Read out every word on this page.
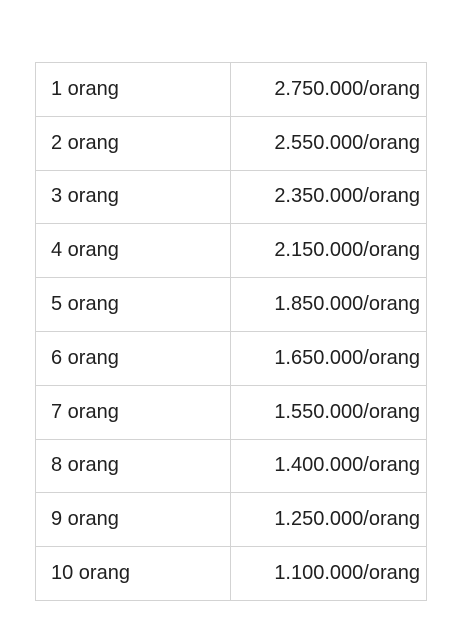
1 orang	2.750.000/orang
2 orang	2.550.000/orang
3 orang	2.350.000/orang
4 orang	2.150.000/orang
5 orang	1.850.000/orang
6 orang	1.650.000/orang
7 orang	1.550.000/orang
8 orang	1.400.000/orang
9 orang	1.250.000/orang
10 orang	1.100.000/orang
